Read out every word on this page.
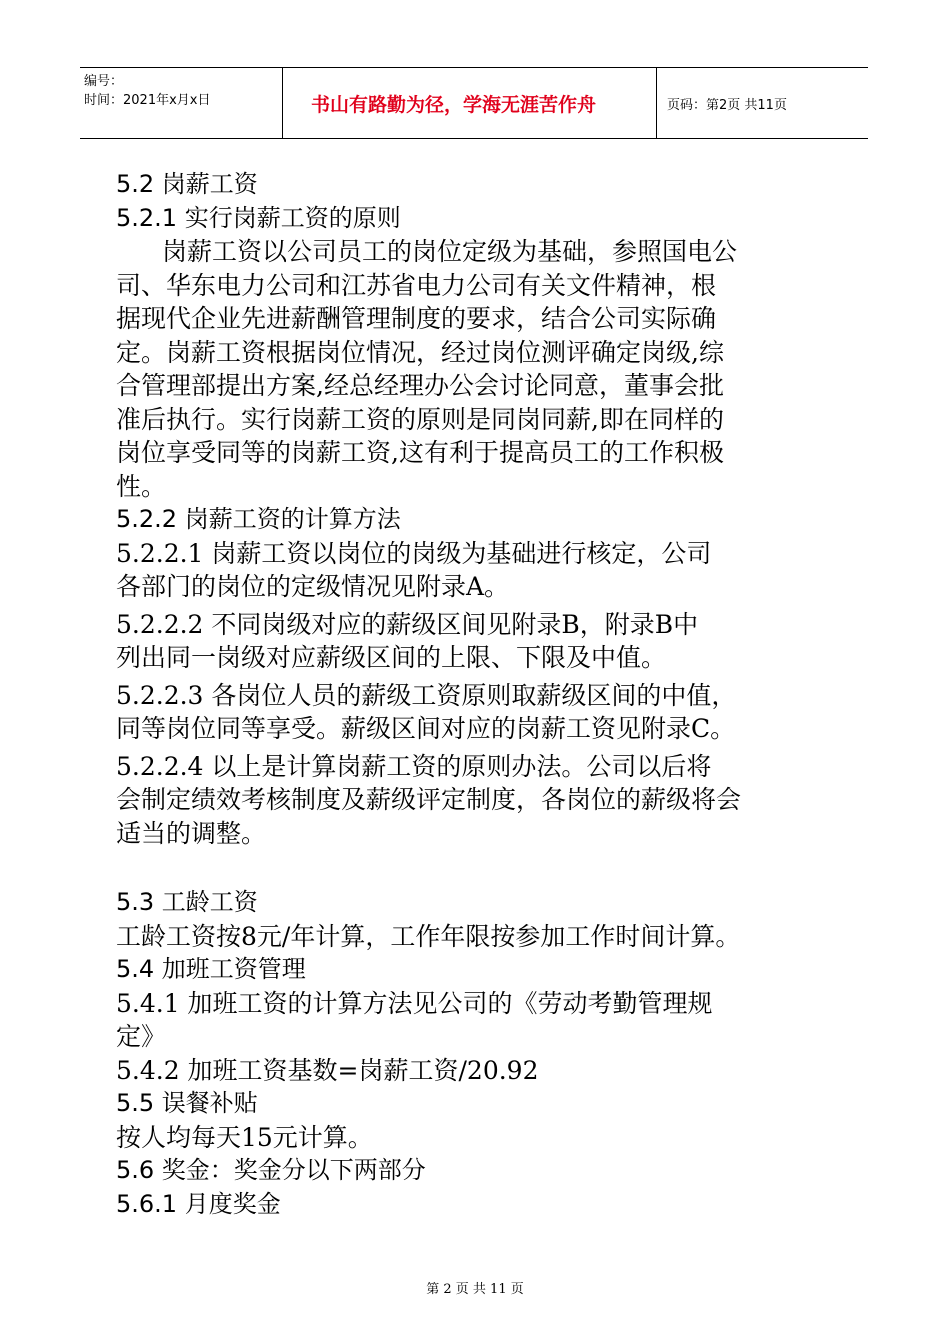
编号：
时间：2021年x月x日	书山有路勤为径，学海无涯苦作舟	页码：第2页 共11页
5.2 岗薪工资
5.2.1 实行岗薪工资的原则
岗薪工资以公司员工的岗位定级为基础，参照国电公
司、华东电力公司和江苏省电力公司有关文件精神，根
据现代企业先进薪酬管理制度的要求，结合公司实际确
定。岗薪工资根据岗位情况，经过岗位测评确定岗级,综
合管理部提出方案,经总经理办公会讨论同意，董事会批
准后执行。实行岗薪工资的原则是同岗同薪,即在同样的
岗位享受同等的岗薪工资,这有利于提高员工的工作积极
性。
5.2.2 岗薪工资的计算方法
5.2.2.1 岗薪工资以岗位的岗级为基础进行核定，公司
各部门的岗位的定级情况见附录A。
5.2.2.2 不同岗级对应的薪级区间见附录B，附录B中
列出同一岗级对应薪级区间的上限、下限及中值。
5.2.2.3 各岗位人员的薪级工资原则取薪级区间的中值，
同等岗位同等享受。薪级区间对应的岗薪工资见附录C。
5.2.2.4 以上是计算岗薪工资的原则办法。公司以后将
会制定绩效考核制度及薪级评定制度，各岗位的薪级将会
适当的调整。
5.3 工龄工资
工龄工资按8元/年计算，工作年限按参加工作时间计算。
5.4 加班工资管理
5.4.1 加班工资的计算方法见公司的《劳动考勤管理规
定》
5.4.2 加班工资基数=岗薪工资/20.92
5.5 误餐补贴
按人均每天15元计算。
5.6 奖金：奖金分以下两部分
5.6.1 月度奖金
第 2 页 共 11 页
